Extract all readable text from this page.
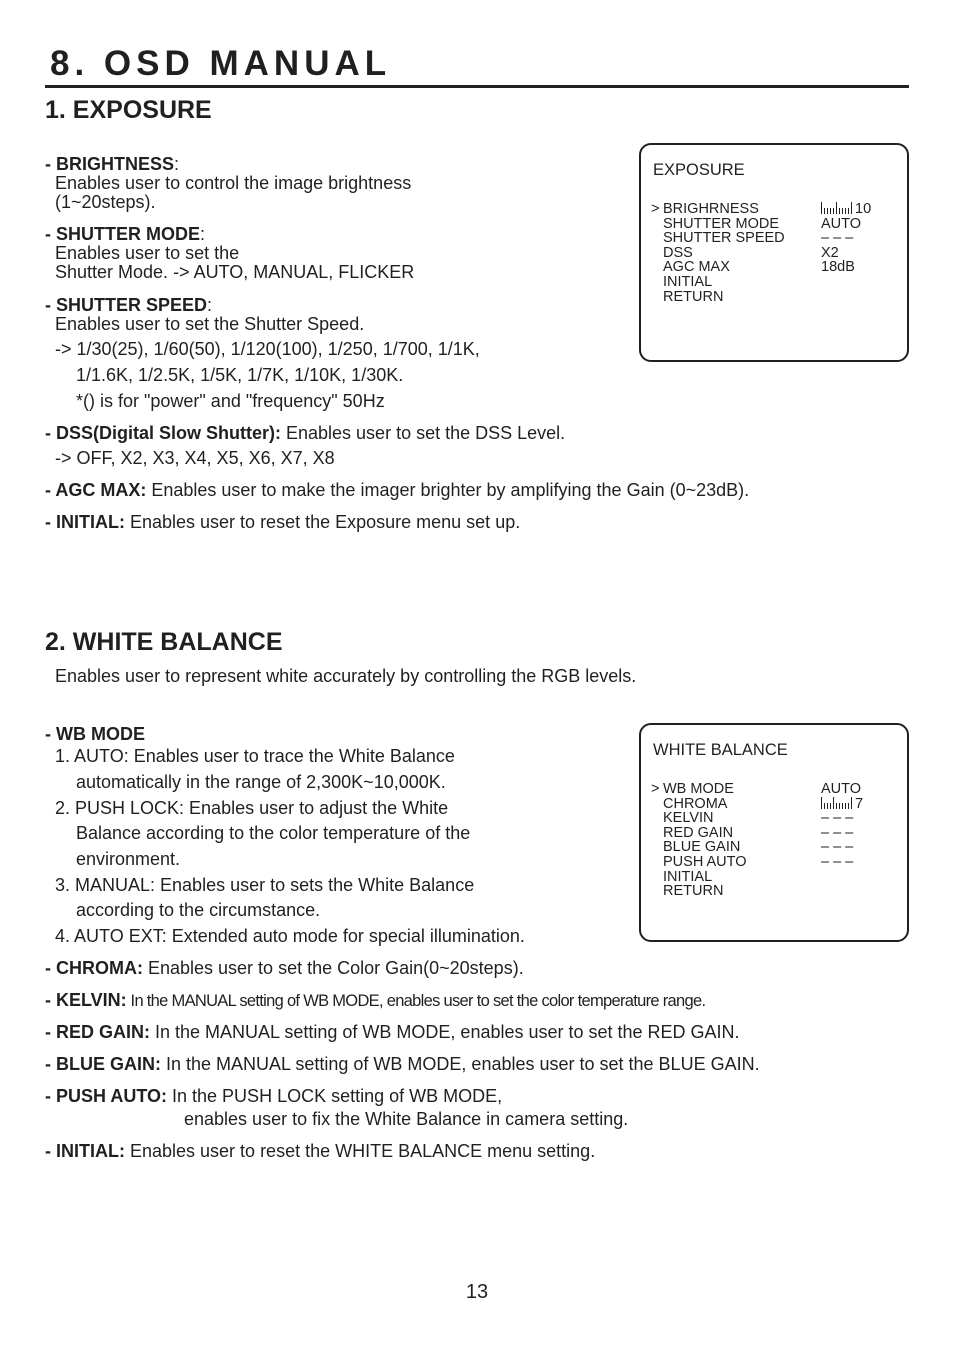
8. OSD MANUAL
1. EXPOSURE
- BRIGHTNESS:
Enables user to control the image brightness
(1~20steps).
- SHUTTER MODE:
Enables user to set the
Shutter Mode. -> AUTO, MANUAL, FLICKER
- SHUTTER SPEED:
Enables user to set the Shutter Speed.
-> 1/30(25), 1/60(50), 1/120(100), 1/250, 1/700, 1/1K,
1/1.6K, 1/2.5K, 1/5K, 1/7K, 1/10K, 1/30K.
*() is for "power" and "frequency" 50Hz
- DSS(Digital Slow Shutter): Enables user to set the DSS Level.
-> OFF, X2, X3, X4, X5, X6, X7, X8
- AGC MAX: Enables user to make the imager brighter by amplifying the Gain (0~23dB).
- INITIAL: Enables user to reset the Exposure menu set up.
EXPOSURE
> BRIGHRNESS	10
SHUTTER MODE	AUTO
SHUTTER SPEED	– – –
DSS	X2
AGC MAX	18dB
INITIAL
RETURN
2. WHITE BALANCE
Enables user to represent white accurately by controlling the RGB levels.
- WB MODE
1. AUTO: Enables user to trace the White Balance
automatically in the range of 2,300K~10,000K.
2. PUSH LOCK: Enables user to adjust the White
Balance according to the color temperature of the
environment.
3. MANUAL: Enables user to sets the White Balance
according to the circumstance.
4. AUTO EXT: Extended auto mode for special illumination.
- CHROMA: Enables user to set the Color Gain(0~20steps).
- KELVIN: In the MANUAL setting of WB MODE, enables user to set the color temperature range.
- RED GAIN: In the MANUAL setting of WB MODE, enables user to set the RED GAIN.
- BLUE GAIN: In the MANUAL setting of WB MODE, enables user to set the BLUE GAIN.
- PUSH AUTO: In the PUSH LOCK setting of WB MODE,
enables user to fix the White Balance in camera setting.
- INITIAL: Enables user to reset the WHITE BALANCE menu setting.
WHITE BALANCE
> WB MODE	AUTO
CHROMA	7
KELVIN	– – –
RED GAIN	– – –
BLUE GAIN	– – –
PUSH AUTO	– – –
INITIAL
RETURN
13
